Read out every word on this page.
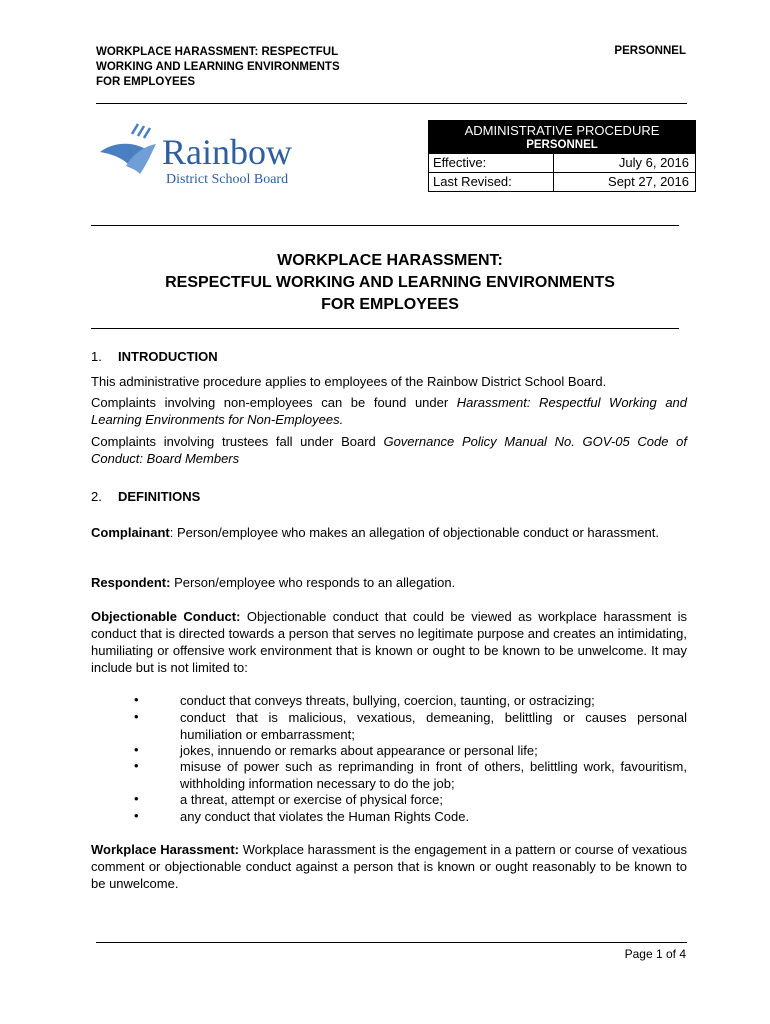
WORKPLACE HARASSMENT: RESPECTFUL
WORKING AND LEARNING ENVIRONMENTS
FOR EMPLOYEES
PERSONNEL
Rainbow
District School Board
ADMINISTRATIVE PROCEDURE
PERSONNEL
Effective:	July 6, 2016
Last Revised:	Sept 27, 2016
WORKPLACE HARASSMENT:
RESPECTFUL WORKING AND LEARNING ENVIRONMENTS
FOR EMPLOYEES
1. INTRODUCTION
This administrative procedure applies to employees of the Rainbow District School Board.
Complaints involving non-employees can be found under Harassment: Respectful Working and Learning Environments for Non-Employees.
Complaints involving trustees fall under Board Governance Policy Manual No. GOV-05 Code of Conduct: Board Members
2. DEFINITIONS
Complainant: Person/employee who makes an allegation of objectionable conduct or harassment.
Respondent: Person/employee who responds to an allegation.
Objectionable Conduct: Objectionable conduct that could be viewed as workplace harassment is conduct that is directed towards a person that serves no legitimate purpose and creates an intimidating, humiliating or offensive work environment that is known or ought to be known to be unwelcome. It may include but is not limited to:
•	conduct that conveys threats, bullying, coercion, taunting, or ostracizing;
•	conduct that is malicious, vexatious, demeaning, belittling or causes personal humiliation or embarrassment;
•	jokes, innuendo or remarks about appearance or personal life;
•	misuse of power such as reprimanding in front of others, belittling work, favouritism, withholding information necessary to do the job;
•	a threat, attempt or exercise of physical force;
•	any conduct that violates the Human Rights Code.
Workplace Harassment: Workplace harassment is the engagement in a pattern or course of vexatious comment or objectionable conduct against a person that is known or ought reasonably to be known to be unwelcome.
Page 1 of 4
